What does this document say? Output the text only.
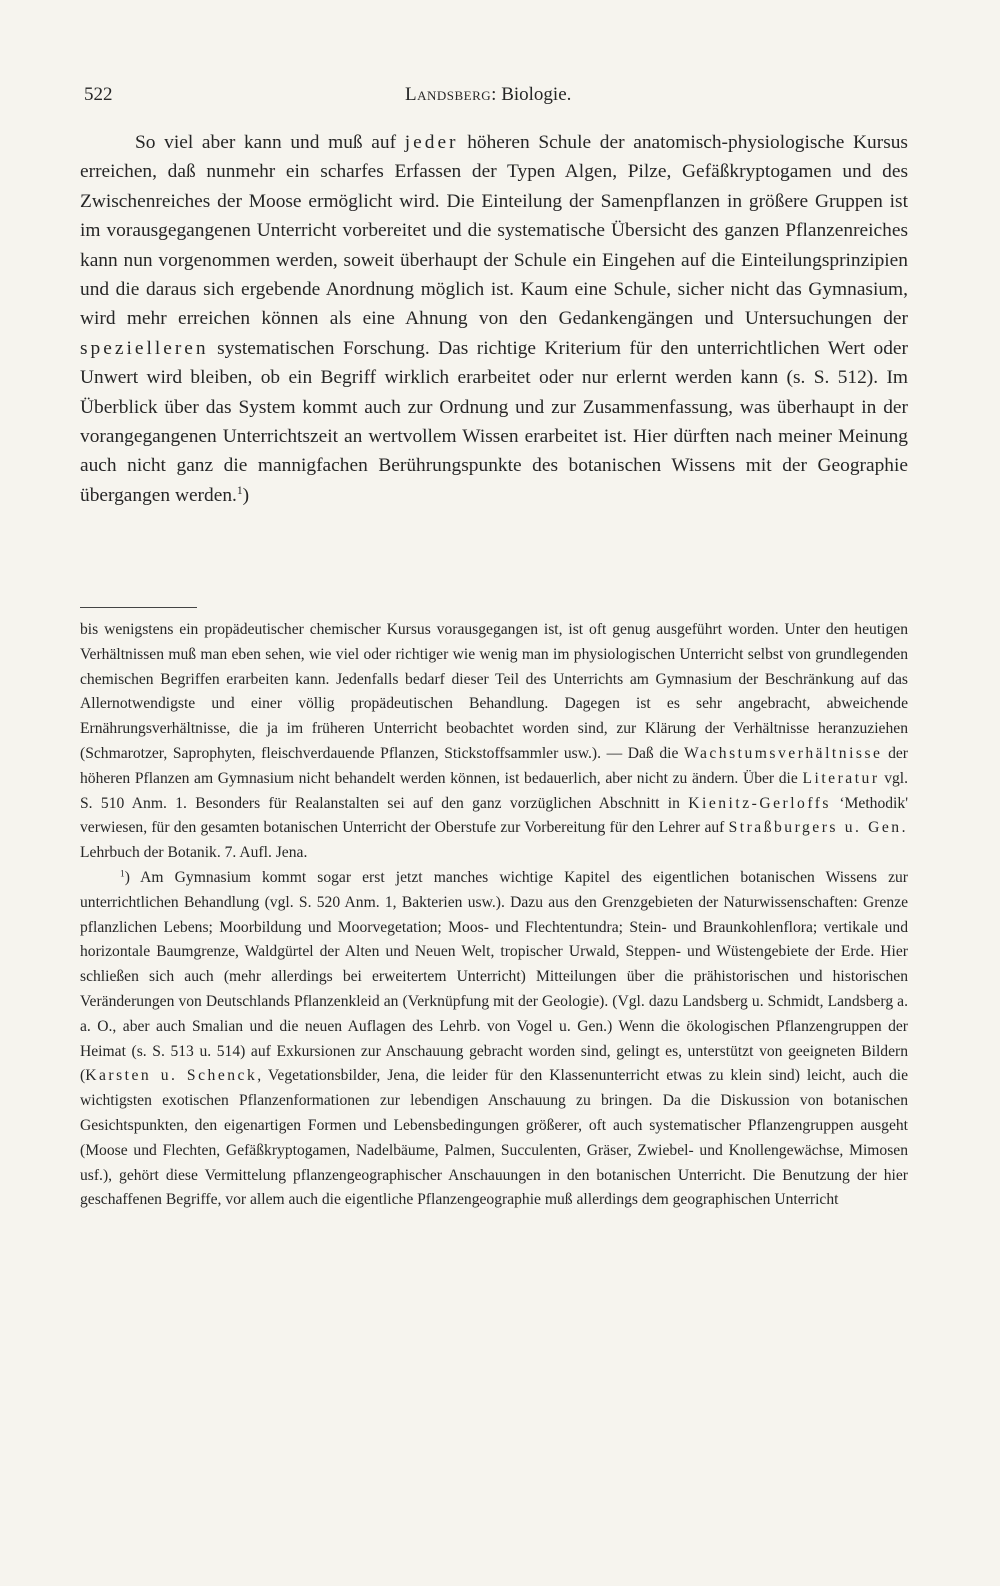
522	Landsberg: Biologie.

So viel aber kann und muß auf jeder höheren Schule der anatomisch-physiologische Kursus erreichen, daß nunmehr ein scharfes Erfassen der Typen Algen, Pilze, Gefäßkryptogamen und des Zwischenreiches der Moose ermöglicht wird. Die Einteilung der Samenpflanzen in größere Gruppen ist im vorausgegangenen Unterricht vorbereitet und die systematische Übersicht des ganzen Pflanzenreiches kann nun vorgenommen werden, soweit überhaupt der Schule ein Eingehen auf die Einteilungsprinzipien und die daraus sich ergebende Anordnung möglich ist. Kaum eine Schule, sicher nicht das Gymnasium, wird mehr erreichen können als eine Ahnung von den Gedankengängen und Untersuchungen der spezielleren systematischen Forschung. Das richtige Kriterium für den unterrichtlichen Wert oder Unwert wird bleiben, ob ein Begriff wirklich erarbeitet oder nur erlernt werden kann (s. S. 512). Im Überblick über das System kommt auch zur Ordnung und zur Zusammenfassung, was überhaupt in der vorangegangenen Unterrichtszeit an wertvollem Wissen erarbeitet ist. Hier dürften nach meiner Meinung auch nicht ganz die mannigfachen Berührungspunkte des botanischen Wissens mit der Geographie übergangen werden.$^1$)

bis wenigstens ein propädeutischer chemischer Kursus vorausgegangen ist, ist oft genug ausgeführt worden. Unter den heutigen Verhältnissen muß man eben sehen, wie viel oder richtiger wie wenig man im physiologischen Unterricht selbst von grundlegenden chemischen Begriffen erarbeiten kann. Jedenfalls bedarf dieser Teil des Unterrichts am Gymnasium der Beschränkung auf das Allernotwendigste und einer völlig propädeutischen Behandlung. Dagegen ist es sehr angebracht, abweichende Ernährungsverhältnisse, die ja im früheren Unterricht beobachtet worden sind, zur Klärung der Verhältnisse heranzuziehen (Schmarotzer, Saprophyten, fleischverdauende Pflanzen, Stickstoffsammler usw.). — Daß die Wachstumsverhältnisse der höheren Pflanzen am Gymnasium nicht behandelt werden können, ist bedauerlich, aber nicht zu ändern. Über die Literatur vgl. S. 510 Anm. 1. Besonders für Realanstalten sei auf den ganz vorzüglichen Abschnitt in Kienitz-Gerloffs ʻMethodik' verwiesen, für den gesamten botanischen Unterricht der Oberstufe zur Vorbereitung für den Lehrer auf Straßburgers u. Gen. Lehrbuch der Botanik. 7. Aufl. Jena.

$^1$) Am Gymnasium kommt sogar erst jetzt manches wichtige Kapitel des eigentlichen botanischen Wissens zur unterrichtlichen Behandlung (vgl. S. 520 Anm. 1, Bakterien usw.). Dazu aus den Grenzgebieten der Naturwissenschaften: Grenze pflanzlichen Lebens; Moorbildung und Moorvegetation; Moos- und Flechtentundra; Stein- und Braunkohlenflora; vertikale und horizontale Baumgrenze, Waldgürtel der Alten und Neuen Welt, tropischer Urwald, Steppen- und Wüstengebiete der Erde. Hier schließen sich auch (mehr allerdings bei erweitertem Unterricht) Mitteilungen über die prähistorischen und historischen Veränderungen von Deutschlands Pflanzenkleid an (Verknüpfung mit der Geologie). (Vgl. dazu Landsberg u. Schmidt, Landsberg a. a. O., aber auch Smalian und die neuen Auflagen des Lehrb. von Vogel u. Gen.) Wenn die ökologischen Pflanzengruppen der Heimat (s. S. 513 u. 514) auf Exkursionen zur Anschauung gebracht worden sind, gelingt es, unterstützt von geeigneten Bildern (Karsten u. Schenck, Vegetationsbilder, Jena, die leider für den Klassenunterricht etwas zu klein sind) leicht, auch die wichtigsten exotischen Pflanzenformationen zur lebendigen Anschauung zu bringen. Da die Diskussion von botanischen Gesichtspunkten, den eigenartigen Formen und Lebensbedingungen größerer, oft auch systematischer Pflanzengruppen ausgeht (Moose und Flechten, Gefäßkryptogamen, Nadelbäume, Palmen, Succulenten, Gräser, Zwiebel- und Knollengewächse, Mimosen usf.), gehört diese Vermittelung pflanzengeographischer Anschauungen in den botanischen Unterricht. Die Benutzung der hier geschaffenen Begriffe, vor allem auch die eigentliche Pflanzengeographie muß allerdings dem geographischen Unterricht
